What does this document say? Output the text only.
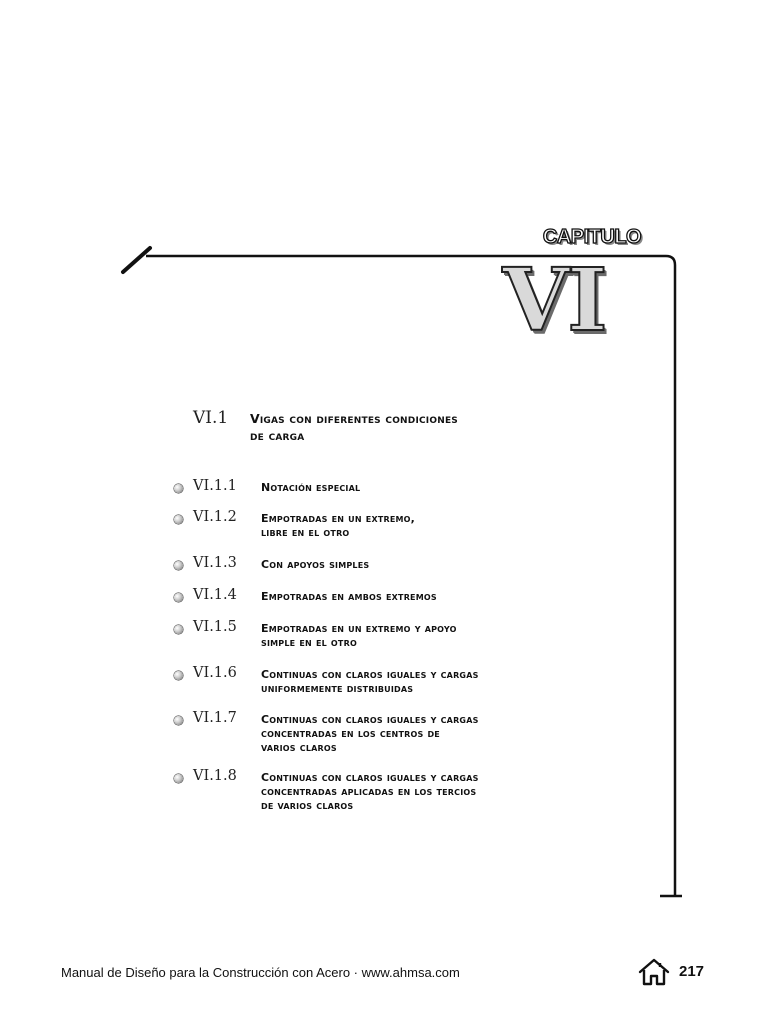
CAPITULO
VI
VI.1 Vigas con diferentes condiciones
de carga
VI.1.1 Notación especial
VI.1.2 Empotradas en un extremo,
libre en el otro
VI.1.3 Con apoyos simples
VI.1.4 Empotradas en ambos extremos
VI.1.5 Empotradas en un extremo y apoyo
simple en el otro
VI.1.6 Continuas con claros iguales y cargas
uniformemente distribuidas
VI.1.7 Continuas con claros iguales y cargas
concentradas en los centros de
varios claros
VI.1.8 Continuas con claros iguales y cargas
concentradas aplicadas en los tercios
de varios claros
Manual de Diseño para la Construcción con Acero · www.ahmsa.com	217
